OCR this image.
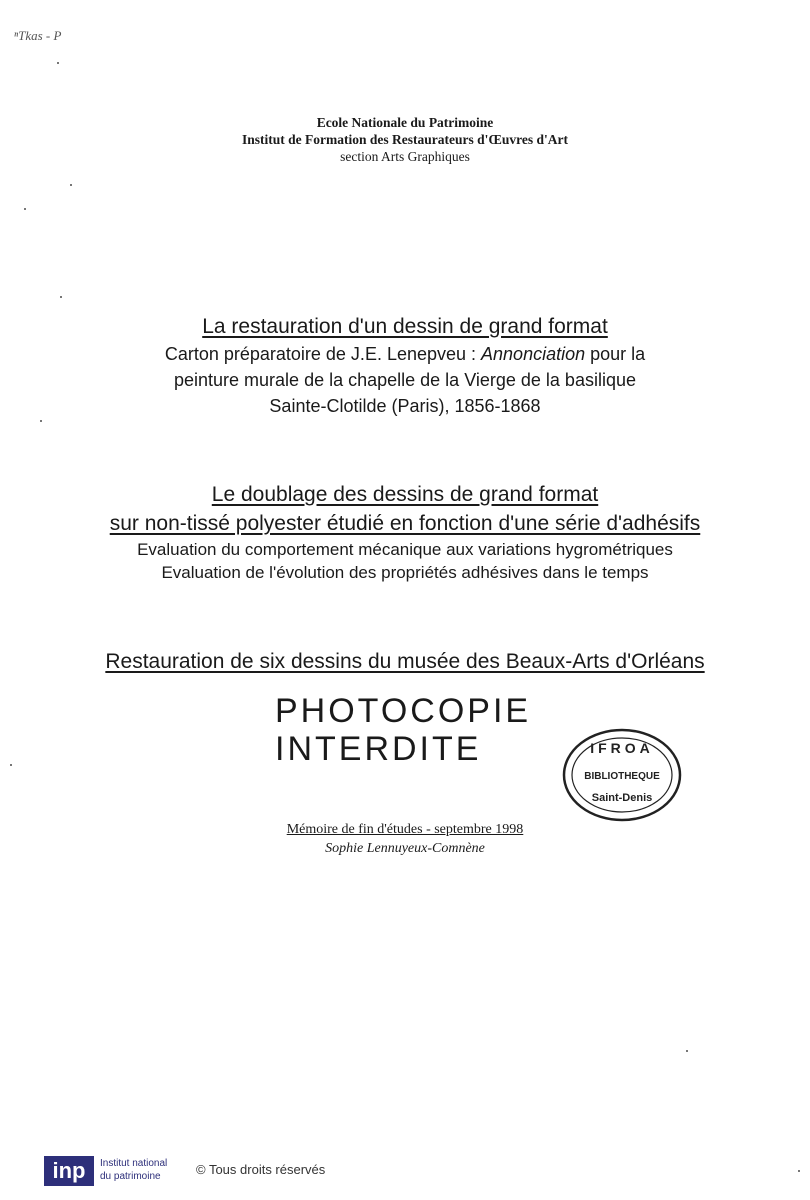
ⁿTkas - P
Ecole Nationale du Patrimoine
Institut de Formation des Restaurateurs d'Œuvres d'Art
section Arts Graphiques
La restauration d'un dessin de grand format
Carton préparatoire de J.E. Lenepveu : Annonciation pour la
peinture murale de la chapelle de la Vierge de la basilique
Sainte-Clotilde (Paris), 1856-1868
Le doublage des dessins de grand format
sur non-tissé polyester étudié en fonction d'une série d'adhésifs
Evaluation du comportement mécanique aux variations hygrométriques
Evaluation de l'évolution des propriétés adhésives dans le temps
Restauration de six dessins du musée des Beaux-Arts d'Orléans
PHOTOCOPIE
INTERDITE	IFROA
BIBLIOTHEQUE
Saint-Denis
Mémoire de fin d'études - septembre 1998
Sophie Lennuyeux-Comnène
inp	Institut national
du patrimoine	© Tous droits réservés
